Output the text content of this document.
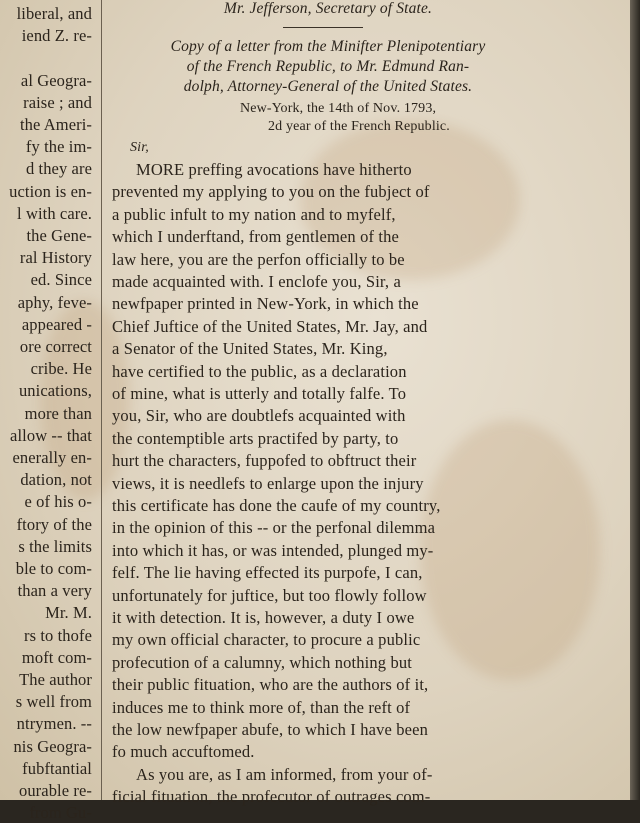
liberal, and
iend Z. re-
al Geogra-
raise ; and
the Ameri-
fy the im-
d they are
uction is en-
l with care.
the Gene-
ral History
ed. Since
aphy, feve-
appeared -
ore correct
cribe. He
unications,
more than
allow -- that
enerally en-
dation, not
e of his o-
ftory of the
s the limits
ble to com-
than a very
Mr. M.
rs to thofe
moft com-
The author
s well from
ntrymen. --
nis Geogra-
fubftantial
ourable re-
from Gu-
Mr. Jefferson, Secretary of State.
Copy of a letter from the Minifter Plenipotentiary
of the French Republic, to Mr. Edmund Ran-
dolph, Attorney-General of the United States.
New-York, the 14th of Nov. 1793,
2d year of the French Republic.
Sir,
MORE preffing avocations have hitherto
prevented my applying to you on the fubject of
a public infult to my nation and to myfelf,
which I underftand, from gentlemen of the
law here, you are the perfon officially to be
made acquainted with. I enclofe you, Sir, a
newfpaper printed in New-York, in which the
Chief Juftice of the United States, Mr. Jay, and
a Senator of the United States, Mr. King,
have certified to the public, as a declaration
of mine, what is utterly and totally falfe. To
you, Sir, who are doubtlefs acquainted with
the contemptible arts practifed by party, to
hurt the characters, fuppofed to obftruct their
views, it is needlefs to enlarge upon the injury
this certificate has done the caufe of my country,
in the opinion of this -- or the perfonal dilemma
into which it has, or was intended, plunged my-
felf. The lie having effected its purpofe, I can,
unfortunately for juftice, but too flowly follow
it with detection. It is, however, a duty I owe
my own official character, to procure a public
profecution of a calumny, which nothing but
their public fituation, who are the authors of it,
induces me to think more of, than the reft of
the low newfpaper abufe, to which I have been
fo much accuftomed.
As you are, as I am informed, from your of-
ficial fituation, the profecutor of outrages com-
